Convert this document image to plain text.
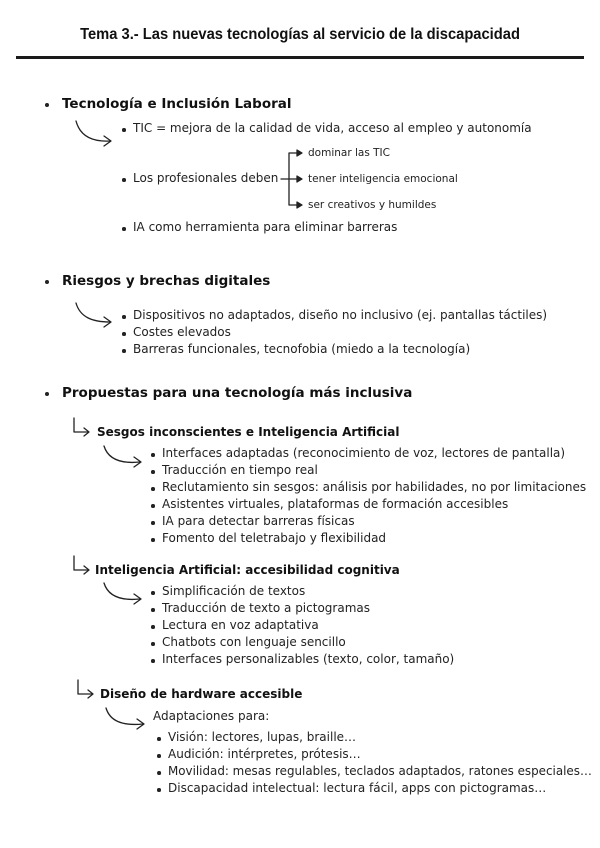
Tema 3.- Las nuevas tecnologías al servicio de la discapacidad
Tecnología e Inclusión Laboral
TIC = mejora de la calidad de vida, acceso al empleo y autonomía
Los profesionales deben
dominar las TIC
tener inteligencia emocional
ser creativos y humildes
IA como herramienta para eliminar barreras
Riesgos y brechas digitales
Dispositivos no adaptados, diseño no inclusivo (ej. pantallas táctiles)
Costes elevados
Barreras funcionales, tecnofobia (miedo a la tecnología)
Propuestas para una tecnología más inclusiva
Sesgos inconscientes e Inteligencia Artificial
Interfaces adaptadas (reconocimiento de voz, lectores de pantalla)
Traducción en tiempo real
Reclutamiento sin sesgos: análisis por habilidades, no por limitaciones
Asistentes virtuales, plataformas de formación accesibles
IA para detectar barreras físicas
Fomento del teletrabajo y flexibilidad
Inteligencia Artificial: accesibilidad cognitiva
Simplificación de textos
Traducción de texto a pictogramas
Lectura en voz adaptativa
Chatbots con lenguaje sencillo
Interfaces personalizables (texto, color, tamaño)
Diseño de hardware accesible
Adaptaciones para:
Visión: lectores, lupas, braille…
Audición: intérpretes, prótesis…
Movilidad: mesas regulables, teclados adaptados, ratones especiales…
Discapacidad intelectual: lectura fácil, apps con pictogramas…
